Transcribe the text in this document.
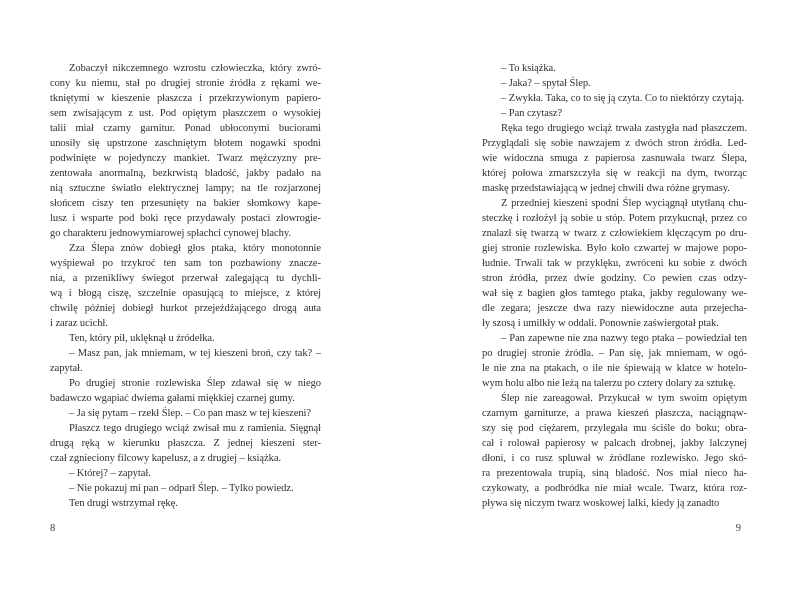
Zobaczył nikczemnego wzrostu człowieczka, który zwró-
cony ku niemu, stał po drugiej stronie źródła z rękami we-
tkniętymi w kieszenie płaszcza i przekrzywionym papiero-
sem zwisającym z ust. Pod opiętym płaszczem o wysokiej
talii miał czarny garnitur. Ponad ubłoconymi buciorami
unosiły się upstrzone zaschniętym błotem nogawki spodni
podwinięte w pojedynczy mankiet. Twarz mężczyzny pre-
zentowała anormalną, bezkrwistą bladość, jakby padało na
nią sztuczne światło elektrycznej lampy; na tle rozjarzonej
słońcem ciszy ten przesunięty na bakier słomkowy kape-
lusz i wsparte pod boki ręce przydawały postaci złowrogie-
go charakteru jednowymiarowej spłachci cynowej blachy.
Zza Ślepa znów dobiegł głos ptaka, który monotonnie
wyśpiewał po trzykroć ten sam ton pozbawiony znacze-
nia, a przenikliwy świegot przerwał zalegającą tu dychli-
wą i błogą ciszę, szczelnie opasującą to miejsce, z której
chwilę później dobiegł hurkot przejeżdżającego drogą auta
i zaraz ucichł.
Ten, który pił, uklęknął u źródełka.
– Masz pan, jak mniemam, w tej kieszeni broń, czy tak? –
zapytał.
Po drugiej stronie rozlewiska Ślep zdawał się w niego
badawczo wgapiać dwiema gałami miękkiej czarnej gumy.
– Ja się pytam – rzekł Ślep. – Co pan masz w tej kieszeni?
Płaszcz tego drugiego wciąż zwisał mu z ramienia. Sięgnął
drugą ręką w kierunku płaszcza. Z jednej kieszeni ster-
czał zgnieciony filcowy kapelusz, a z drugiej – książka.
– Której? – zapytał.
– Nie pokazuj mi pan – odparł Ślep. – Tylko powiedz.
Ten drugi wstrzymał rękę.
– To książka.
– Jaka? – spytał Ślep.
– Zwykła. Taka, co to się ją czyta. Co to niektórzy czytają.
– Pan czytasz?
Ręka tego drugiego wciąż trwała zastygła nad płaszczem.
Przyglądali się sobie nawzajem z dwóch stron źródła. Led-
wie widoczna smuga z papierosa zasnuwała twarz Ślepa,
której połowa zmarszczyła się w reakcji na dym, tworząc
maskę przedstawiającą w jednej chwili dwa różne grymasy.
Z przedniej kieszeni spodni Ślep wyciągnął utytłaną chu-
steczkę i rozłożył ją sobie u stóp. Potem przykucnął, przez co
znalazł się twarzą w twarz z człowiekiem klęczącym po dru-
giej stronie rozlewiska. Było koło czwartej w majowe popo-
łudnie. Trwali tak w przyklęku, zwróceni ku sobie z dwóch
stron źródła, przez dwie godziny. Co pewien czas odzy-
wał się z bagien głos tamtego ptaka, jakby regulowany we-
dle zegara; jeszcze dwa razy niewidoczne auta przejecha-
ły szosą i umilkły w oddali. Ponownie zaświergotał ptak.
– Pan zapewne nie zna nazwy tego ptaka – powiedział ten
po drugiej stronie źródła. – Pan się, jak mniemam, w ogó-
le nie zna na ptakach, o ile nie śpiewają w klatce w hotelo-
wym holu albo nie leżą na talerzu po cztery dolary za sztukę.
Ślep nie zareagował. Przykucał w tym swoim opiętym
czarnym garniturze, a prawa kieszeń płaszcza, naciągnąw-
szy się pod ciężarem, przylegała mu ściśle do boku; obra-
cał i rolował papierosy w palcach drobnej, jakby lalczynej
dłoni, i co rusz spluwał w źródlane rozlewisko. Jego skó-
ra prezentowała trupią, siną bladość. Nos miał nieco ha-
czykowaty, a podbródka nie miał wcale. Twarz, która roz-
pływa się niczym twarz woskowej lalki, kiedy ją zanadto
8	9
